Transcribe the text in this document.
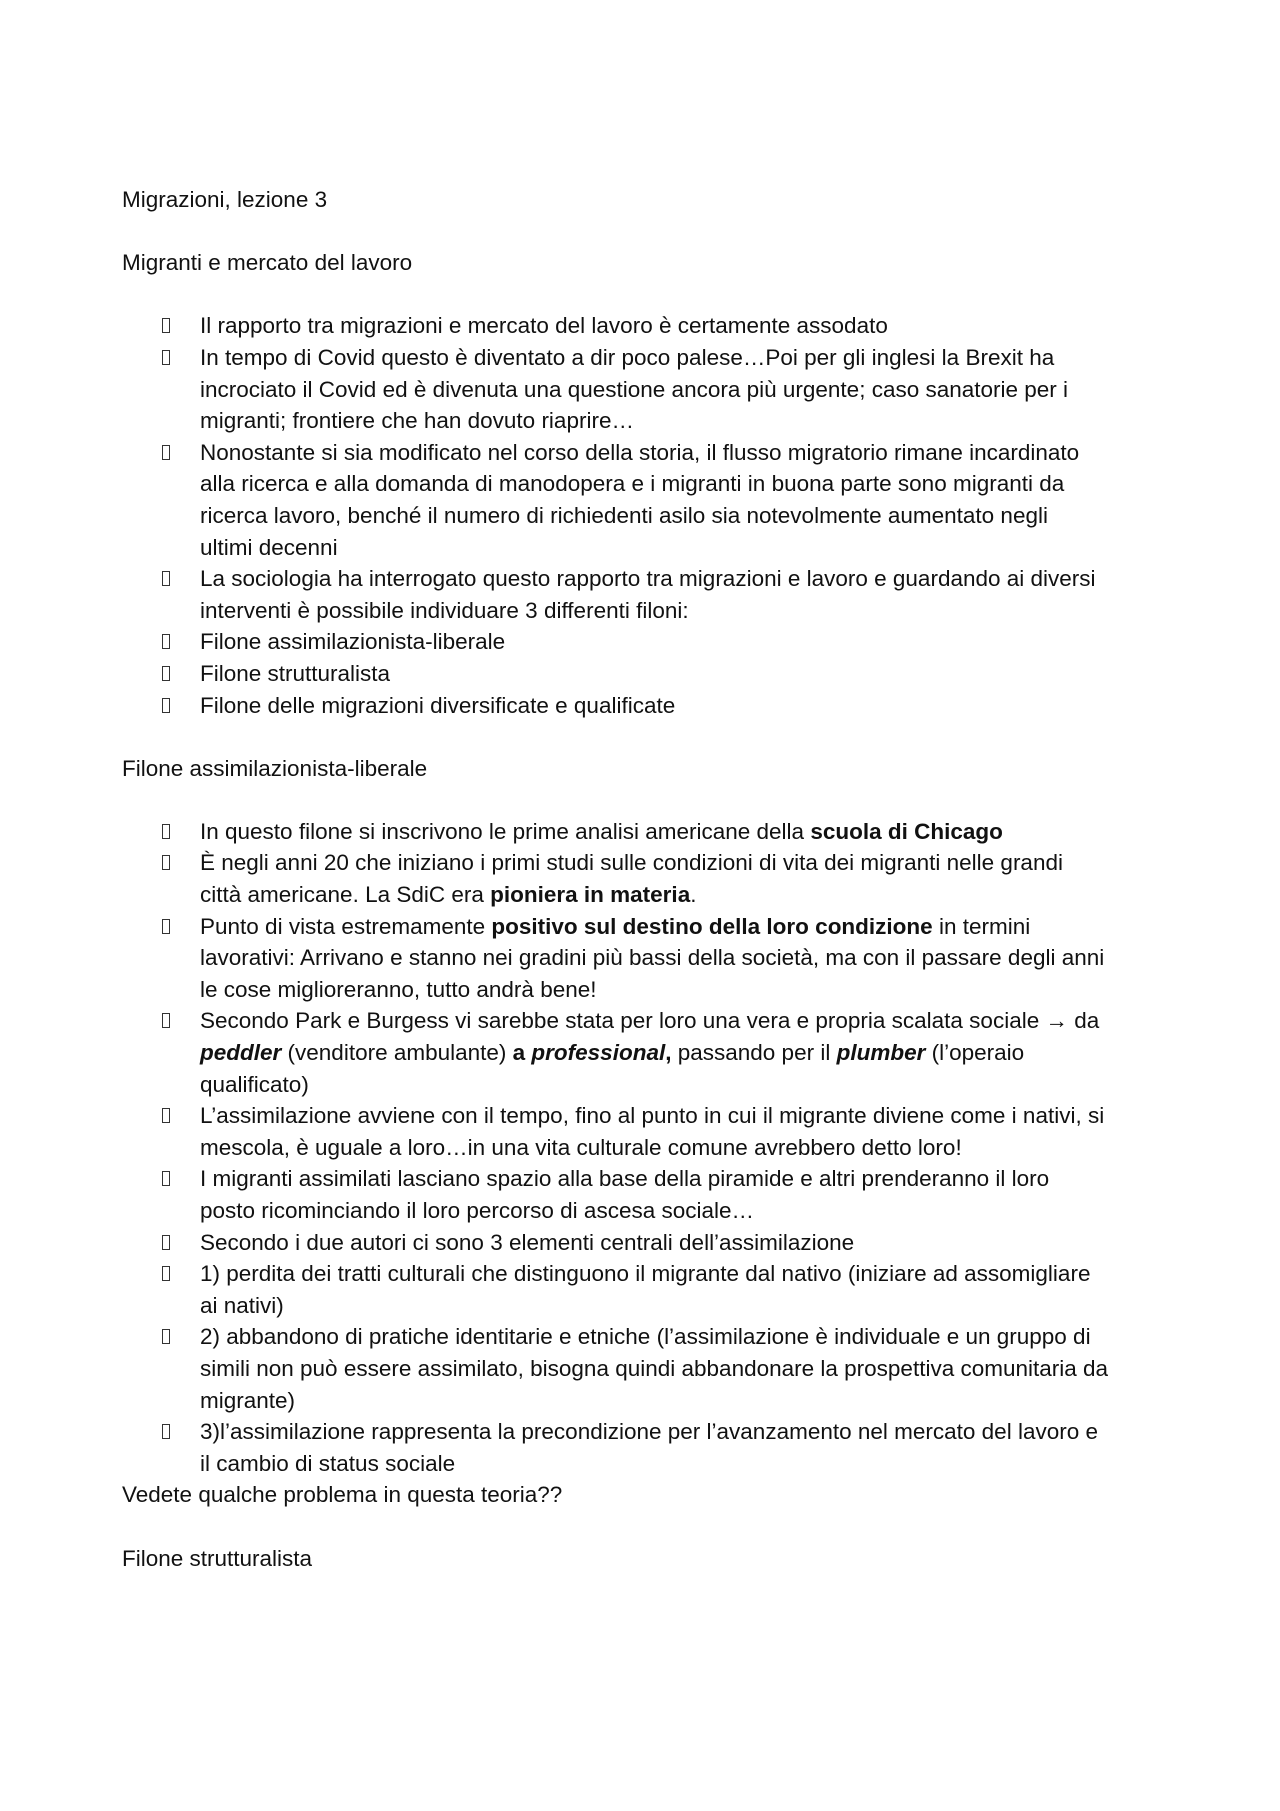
Migrazioni, lezione 3

Migranti e mercato del lavoro

Il rapporto tra migrazioni e mercato del lavoro è certamente assodato
In tempo di Covid questo è diventato a dir poco palese…Poi per gli inglesi la Brexit ha
incrociato il Covid ed è divenuta una questione ancora più urgente; caso sanatorie per i
migranti; frontiere che han dovuto riaprire…
Nonostante si sia modificato nel corso della storia, il flusso migratorio rimane incardinato
alla ricerca e alla domanda di manodopera e i migranti in buona parte sono migranti da
ricerca lavoro, benché il numero di richiedenti asilo sia notevolmente aumentato negli
ultimi decenni
La sociologia ha interrogato questo rapporto tra migrazioni e lavoro e guardando ai diversi
interventi è possibile individuare 3 differenti filoni:
Filone assimilazionista-liberale
Filone strutturalista
Filone delle migrazioni diversificate e qualificate

Filone assimilazionista-liberale

In questo filone si inscrivono le prime analisi americane della scuola di Chicago
È negli anni 20 che iniziano i primi studi sulle condizioni di vita dei migranti nelle grandi
città americane. La SdiC era pioniera in materia.
Punto di vista estremamente positivo sul destino della loro condizione in termini
lavorativi: Arrivano e stanno nei gradini più bassi della società, ma con il passare degli anni
le cose miglioreranno, tutto andrà bene!
Secondo Park e Burgess vi sarebbe stata per loro una vera e propria scalata sociale → da
peddler (venditore ambulante) a professional, passando per il plumber (l’operaio
qualificato)
L’assimilazione avviene con il tempo, fino al punto in cui il migrante diviene come i nativi, si
mescola, è uguale a loro…in una vita culturale comune avrebbero detto loro!
I migranti assimilati lasciano spazio alla base della piramide e altri prenderanno il loro
posto ricominciando il loro percorso di ascesa sociale…
Secondo i due autori ci sono 3 elementi centrali dell’assimilazione
1) perdita dei tratti culturali che distinguono il migrante dal nativo (iniziare ad assomigliare
ai nativi)
2) abbandono di pratiche identitarie e etniche (l’assimilazione è individuale e un gruppo di
simili non può essere assimilato, bisogna quindi abbandonare la prospettiva comunitaria da
migrante)
3)l’assimilazione rappresenta la precondizione per l’avanzamento nel mercato del lavoro e
il cambio di status sociale

Vedete qualche problema in questa teoria??

Filone strutturalista
